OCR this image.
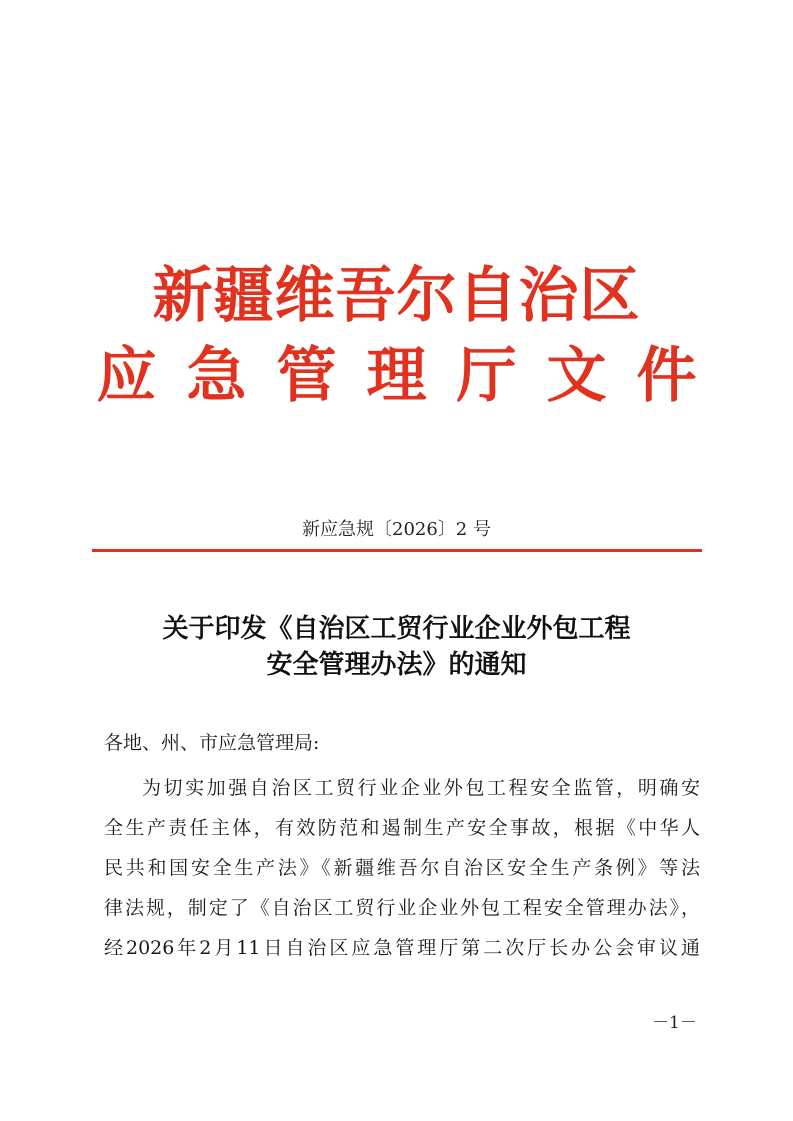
新疆维吾尔自治区
应急管理厅文件
新应急规〔2026〕2 号
关于印发《自治区工贸行业企业外包工程
安全管理办法》的通知
各地、州、市应急管理局:
为切实加强自治区工贸行业企业外包工程安全监管，明确安
全生产责任主体，有效防范和遏制生产安全事故，根据《中华人
民共和国安全生产法》《新疆维吾尔自治区安全生产条例》等法
律法规，制定了《自治区工贸行业企业外包工程安全管理办法》，
经2026年2月11日自治区应急管理厅第二次厅长办公会审议通
－1－
